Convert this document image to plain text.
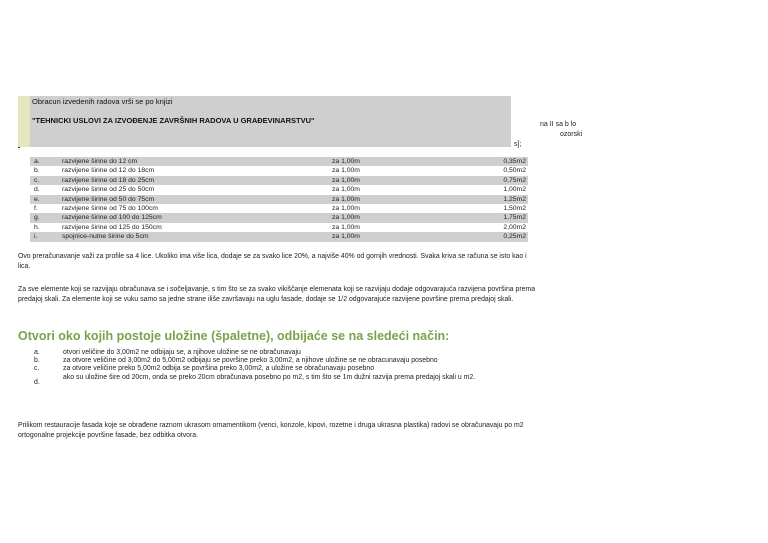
na II sa b lo
ozorski
s];
Obracun izvedenih radova vrši se po knjizi
"TEHNICKI USLOVI ZA IZVOĐENJE ZAVRŠNIH RADOVA U GRAĐEVINARSTVU"
a.	razvijene širine do 12 cm	za 1,00m	0,35m2
b.	razvijene širine od 12 do 18cm	za 1,00m	0,50m2
c.	razvijene širine od 18 do 25cm	za 1,00m	0,75m2
d.	razvijene širine od 25 do 50cm	za 1,00m	1,00m2
e.	razvijene širine od 50 do 75cm	za 1,00m	1,25m2
f.	razvijene širine od 75 do 100cm	za 1,00m	1,50m2
g.	razvijene širine od 100 do 125cm	za 1,00m	1,75m2
h.	razvijene širine od 125 do 150cm	za 1,00m	2,00m2
i.	spojnice-nutne širine do 5cm	za 1,00m	0,25m2
Ovo preračunavanje važi za profile sa 4 lice. Ukoliko ima više lica, dodaje se za svako lice 20%, a najviše 40% od gornjih vrednosti. Svaka kriva se računa se isto kao i lica.
Za sve elemente koji se razvijaju obračunava se i sočeljavanje, s tim što se za svako vikiščanje elemenata koji se razvijaju dodaje odgovarajuća razvijena površina prema predajoj skali. Za elemente koji se vuku samo sa jedne strane iliše završavaju na uglu fasade, dodaje se 1/2 odgovarajuće razvijene površine prema predajoj skali.
Otvori oko kojih postoje uložine (špaletne), odbijaće se na sledeći način:
a.	otvori veličine do 3,00m2 ne odbijaju se, a njihove uložine se ne obračunavaju
b.	za otvore veličine od 3,00m2 do 5,00m2 odbijaju se površine preko 3,00m2, a njihove uložine se ne obracunavaju posebno
c.	za otvore veličine preko 5,00m2 odbija se površina preko 3,00m2, a uložine se obračunavaju posebno
d.
ako su uložine šire od 20cm, onda se preko 20cm obračunava posebno po m2, s tim što se 1m dužni razvija prema predajoj skali u m2.
Prilikom restauracije fasada koje se obrađene raznom ukrasom ornamentikom (venci, konzole, kipovi, rozetne i druga ukrasna plastika) radovi se obračunavaju po m2 ortogonalne projekcije površine fasade, bez odbitka otvora.
